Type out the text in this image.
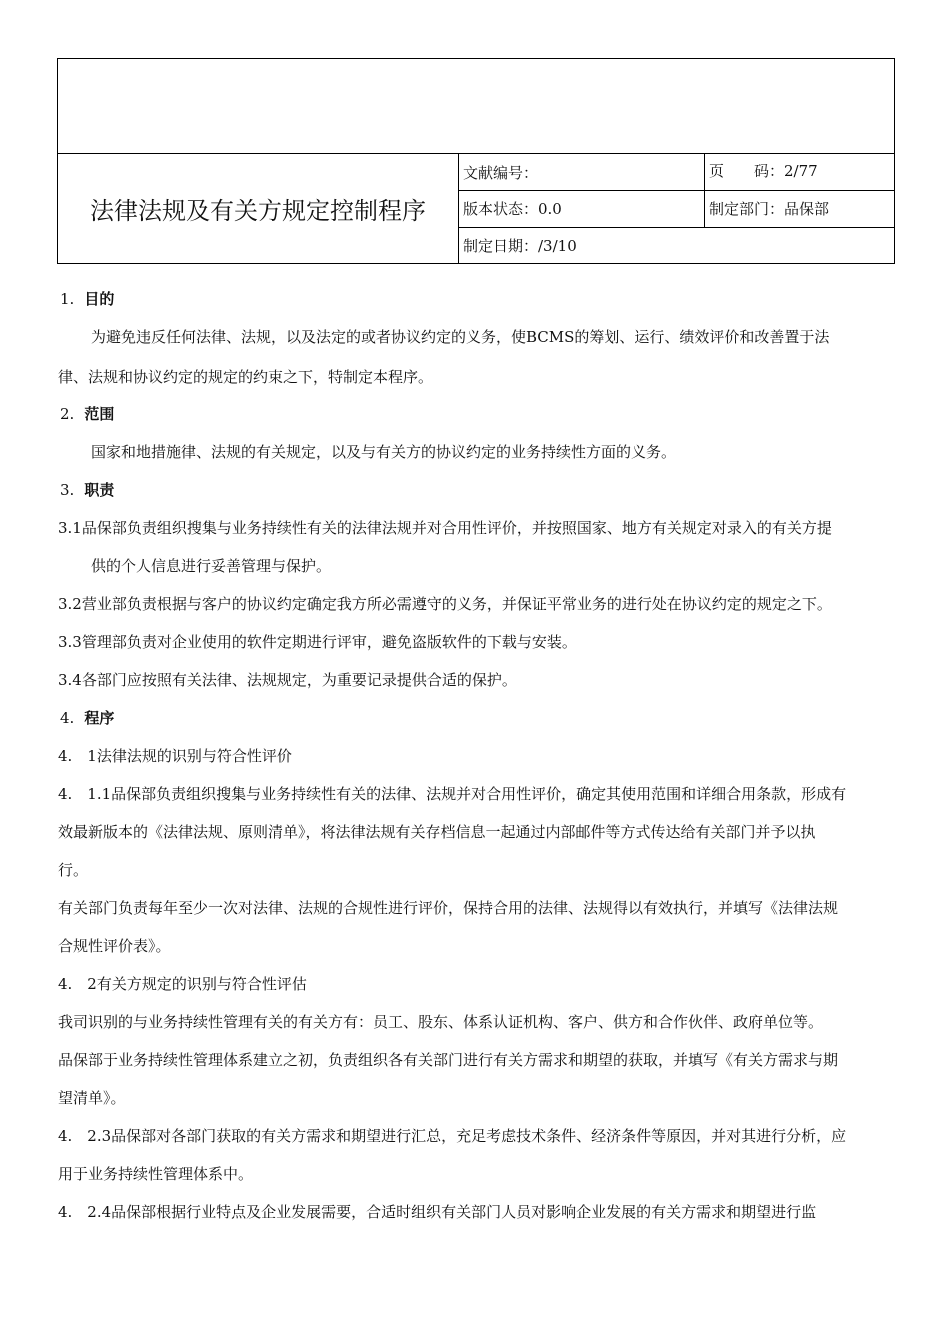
法律法规及有关方规定控制程序
文献编号：	页　　码：2/77
版本状态：0.0	制定部门：品保部
制定日期：/3/10
1. 目的
为避免违反任何法律、法规，以及法定的或者协议约定的义务，使BCMS的筹划、运行、绩效评价和改善置于法
律、法规和协议约定的规定的约束之下，特制定本程序。
2. 范围
国家和地措施律、法规的有关规定，以及与有关方的协议约定的业务持续性方面的义务。
3. 职责
3.1品保部负责组织搜集与业务持续性有关的法律法规并对合用性评价，并按照国家、地方有关规定对录入的有关方提
供的个人信息进行妥善管理与保护。
3.2营业部负责根据与客户的协议约定确定我方所必需遵守的义务，并保证平常业务的进行处在协议约定的规定之下。
3.3管理部负责对企业使用的软件定期进行评审，避免盗版软件的下载与安装。
3.4各部门应按照有关法律、法规规定，为重要记录提供合适的保护。
4. 程序
4.　1法律法规的识别与符合性评价
4.　1.1品保部负责组织搜集与业务持续性有关的法律、法规并对合用性评价，确定其使用范围和详细合用条款，形成有
效最新版本的《法律法规、原则清单》，将法律法规有关存档信息一起通过内部邮件等方式传达给有关部门并予以执
行。
有关部门负责每年至少一次对法律、法规的合规性进行评价，保持合用的法律、法规得以有效执行，并填写《法律法规
合规性评价表》。
4.　2有关方规定的识别与符合性评估
我司识别的与业务持续性管理有关的有关方有：员工、股东、体系认证机构、客户、供方和合作伙伴、政府单位等。
品保部于业务持续性管理体系建立之初，负责组织各有关部门进行有关方需求和期望的获取，并填写《有关方需求与期
望清单》。
4.　2.3品保部对各部门获取的有关方需求和期望进行汇总，充足考虑技术条件、经济条件等原因，并对其进行分析，应
用于业务持续性管理体系中。
4.　2.4品保部根据行业特点及企业发展需要，合适时组织有关部门人员对影响企业发展的有关方需求和期望进行监
